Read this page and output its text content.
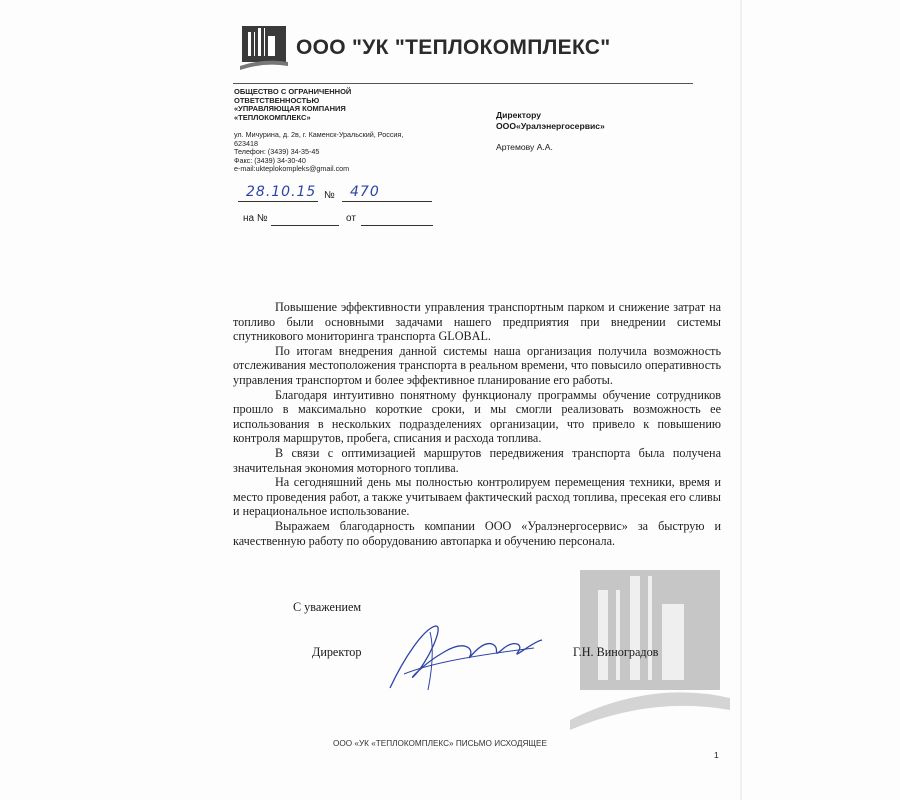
ООО "УК "ТЕПЛОКОМПЛЕКС"
ОБЩЕСТВО С ОГРАНИЧЕННОЙ
ОТВЕТСТВЕННОСТЬЮ
«УПРАВЛЯЮЩАЯ КОМПАНИЯ
«ТЕПЛОКОМПЛЕКС»
ул. Мичурина, д. 2в, г. Каменск-Уральский, Россия,
623418
Телефон: (3439) 34-35-45
Факс: (3439) 34-30-40
e-mail:ukteplokompleks@gmail.com
28.10.15 № 470
на №	от
Директору
ООО«Уралэнергосервис»
Артемову А.А.

Повышение эффективности управления транспортным парком и снижение затрат на топливо были основными задачами нашего предприятия при внедрении системы спутникового мониторинга транспорта GLOBAL.

По итогам внедрения данной системы наша организация получила возможность отслеживания местоположения транспорта в реальном времени, что повысило оперативность управления транспортом и более эффективное планирование его работы.

Благодаря интуитивно понятному функционалу программы обучение сотрудников прошло в максимально короткие сроки, и мы смогли реализовать возможность ее использования в нескольких подразделениях организации, что привело к повышению контроля маршрутов, пробега, списания и расхода топлива.

В связи с оптимизацией маршрутов передвижения транспорта была получена значительная экономия моторного топлива.

На сегодняшний день мы полностью контролируем перемещения техники, время и место проведения работ, а также учитываем фактический расход топлива, пресекая его сливы и нерациональное использование.

Выражаем благодарность компании ООО «Уралэнергосервис» за быструю и качественную работу по оборудованию автопарка и обучению персонала.

С уважением
Директор	Г.Н. Виноградов
ООО «УК «ТЕПЛОКОМПЛЕКС» ПИСЬМО ИСХОДЯЩЕЕ
1
